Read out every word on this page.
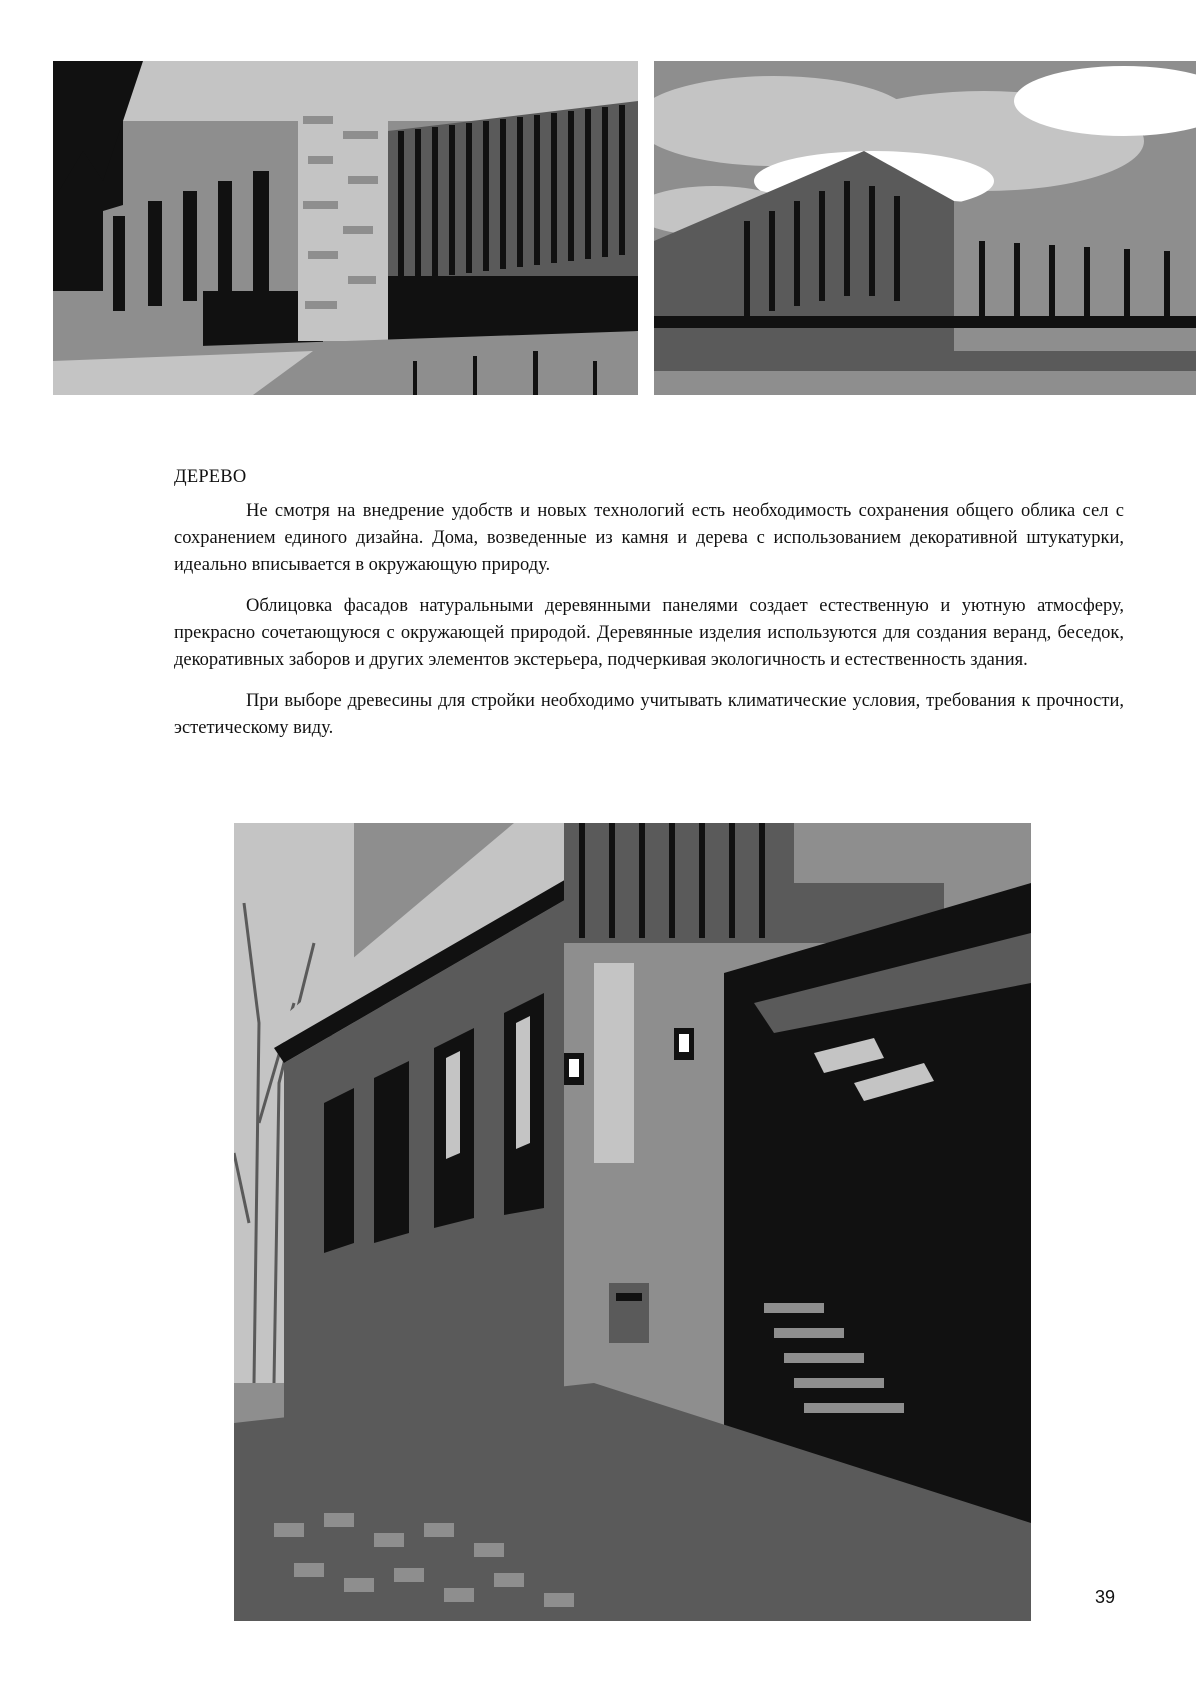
ДЕРЕВО

Не смотря на внедрение удобств и новых технологий есть необходимость сохранения общего облика сел с сохранением единого дизайна. Дома, возведенные из камня и дерева с использованием декоративной штукатурки, идеально вписывается в окружающую природу.

Облицовка фасадов натуральными деревянными панелями создает естественную и уютную атмосферу, прекрасно сочетающуюся с окружающей природой. Деревянные изделия используются для создания веранд, беседок, декоративных заборов и других элементов экстерьера, подчеркивая экологичность и естественность здания.

При выборе древесины для стройки необходимо учитывать климатические условия, требования к прочности, эстетическому виду.

39
